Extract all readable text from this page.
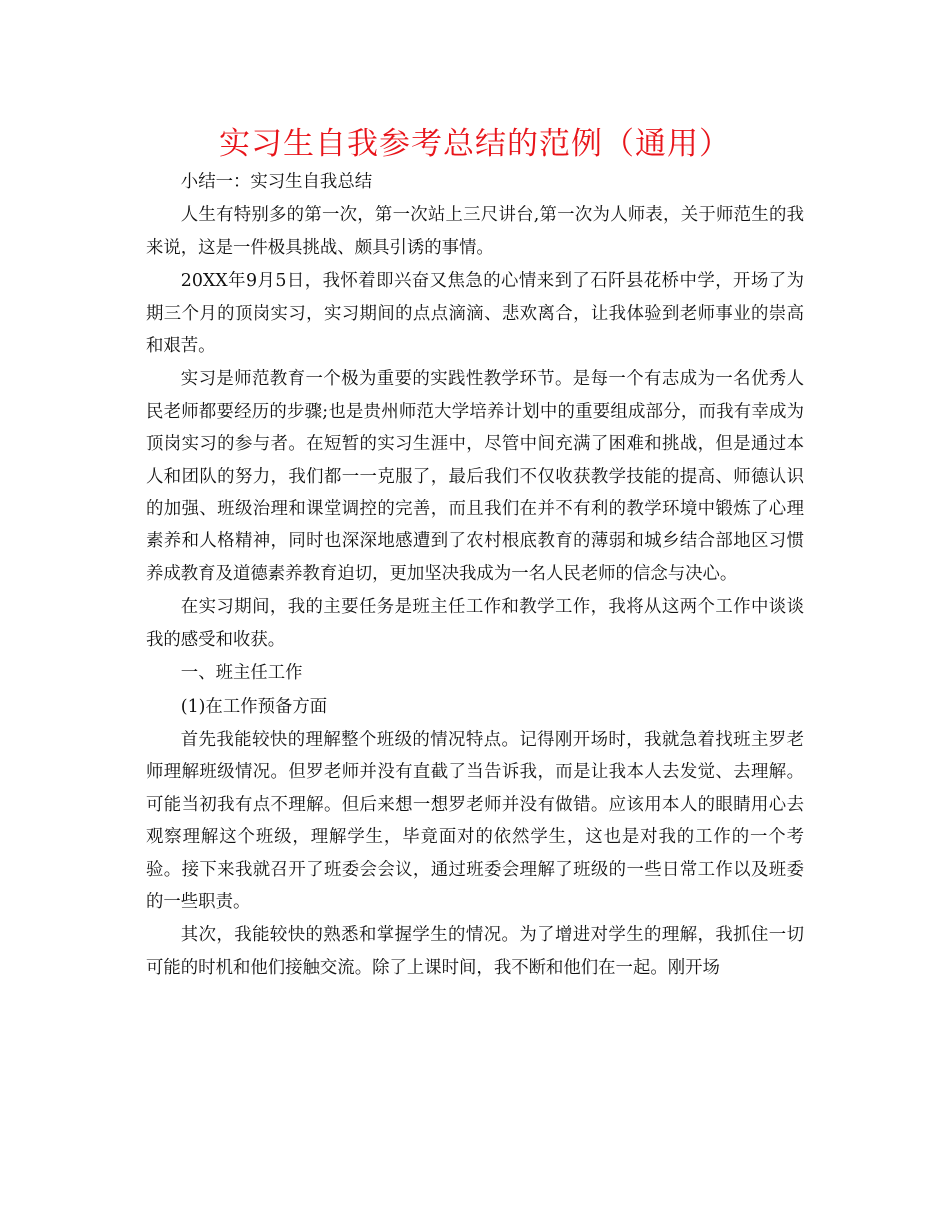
实习生自我参考总结的范例（通用）

小结一：实习生自我总结

人生有特别多的第一次，第一次站上三尺讲台,第一次为人师表，关于师范生的我来说，这是一件极具挑战、颇具引诱的事情。

20XX年9月5日，我怀着即兴奋又焦急的心情来到了石阡县花桥中学，开场了为期三个月的顶岗实习，实习期间的点点滴滴、悲欢离合，让我体验到老师事业的崇高和艰苦。

实习是师范教育一个极为重要的实践性教学环节。是每一个有志成为一名优秀人民老师都要经历的步骤;也是贵州师范大学培养计划中的重要组成部分，而我有幸成为顶岗实习的参与者。在短暂的实习生涯中，尽管中间充满了困难和挑战，但是通过本人和团队的努力，我们都一一克服了，最后我们不仅收获教学技能的提高、师德认识的加强、班级治理和课堂调控的完善，而且我们在并不有利的教学环境中锻炼了心理素养和人格精神，同时也深深地感遭到了农村根底教育的薄弱和城乡结合部地区习惯养成教育及道德素养教育迫切，更加坚决我成为一名人民老师的信念与决心。

在实习期间，我的主要任务是班主任工作和教学工作，我将从这两个工作中谈谈我的感受和收获。

一、班主任工作

(1)在工作预备方面

首先我能较快的理解整个班级的情况特点。记得刚开场时，我就急着找班主罗老师理解班级情况。但罗老师并没有直截了当告诉我，而是让我本人去发觉、去理解。可能当初我有点不理解。但后来想一想罗老师并没有做错。应该用本人的眼睛用心去观察理解这个班级，理解学生，毕竟面对的依然学生，这也是对我的工作的一个考验。接下来我就召开了班委会会议，通过班委会理解了班级的一些日常工作以及班委的一些职责。

其次，我能较快的熟悉和掌握学生的情况。为了增进对学生的理解，我抓住一切可能的时机和他们接触交流。除了上课时间，我不断和他们在一起。刚开场
